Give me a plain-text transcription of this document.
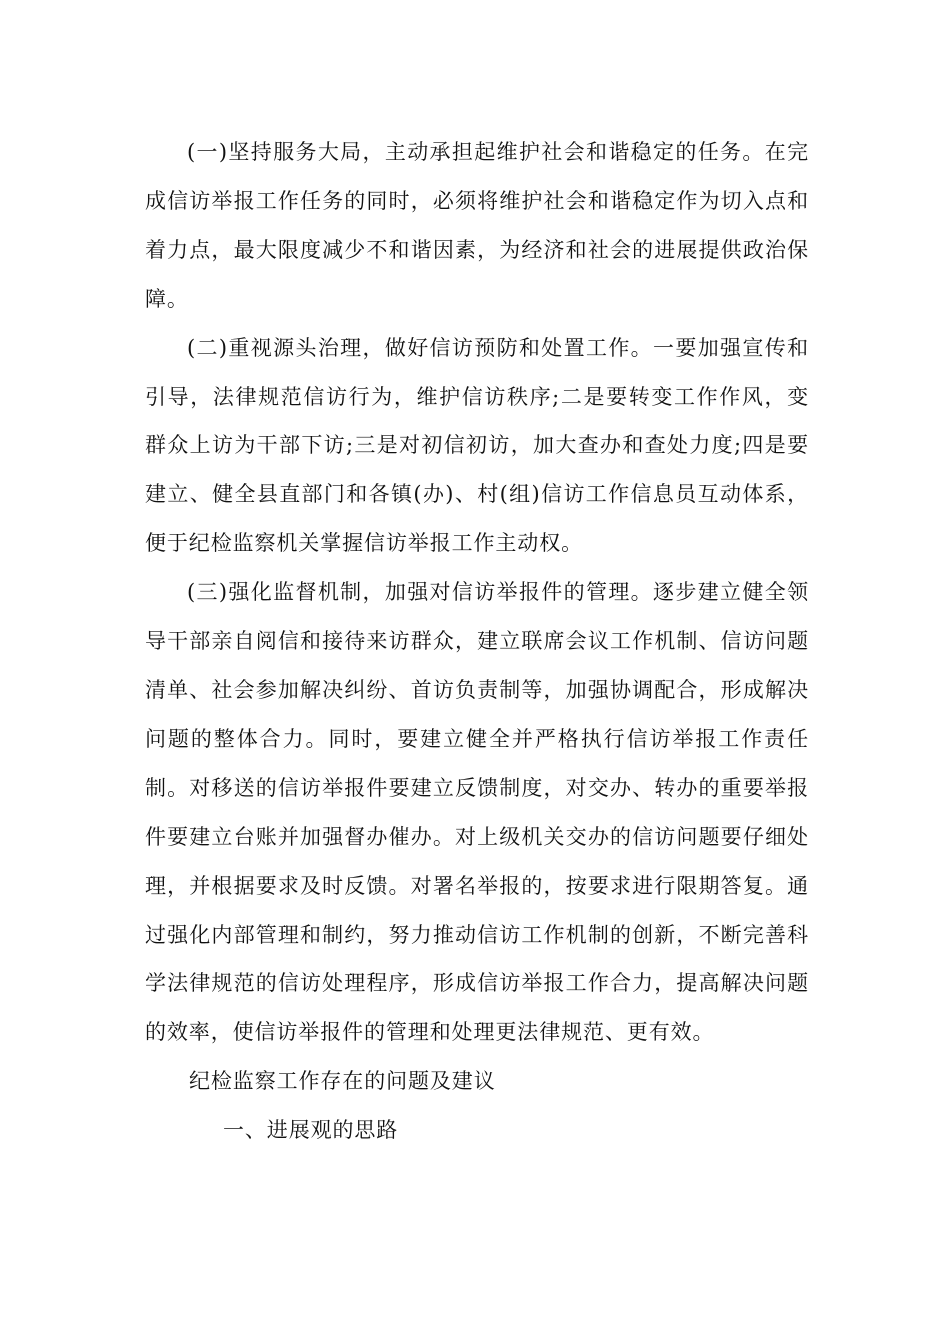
(一)坚持服务大局，主动承担起维护社会和谐稳定的任务。在完成信访举报工作任务的同时，必须将维护社会和谐稳定作为切入点和着力点，最大限度减少不和谐因素，为经济和社会的进展提供政治保障。

(二)重视源头治理，做好信访预防和处置工作。一要加强宣传和引导，法律规范信访行为，维护信访秩序;二是要转变工作作风，变群众上访为干部下访;三是对初信初访，加大查办和查处力度;四是要建立、健全县直部门和各镇(办)、村(组)信访工作信息员互动体系，便于纪检监察机关掌握信访举报工作主动权。

(三)强化监督机制，加强对信访举报件的管理。逐步建立健全领导干部亲自阅信和接待来访群众，建立联席会议工作机制、信访问题清单、社会参加解决纠纷、首访负责制等，加强协调配合，形成解决问题的整体合力。同时，要建立健全并严格执行信访举报工作责任制。对移送的信访举报件要建立反馈制度，对交办、转办的重要举报件要建立台账并加强督办催办。对上级机关交办的信访问题要仔细处理，并根据要求及时反馈。对署名举报的，按要求进行限期答复。通过强化内部管理和制约，努力推动信访工作机制的创新，不断完善科学法律规范的信访处理程序，形成信访举报工作合力，提高解决问题的效率，使信访举报件的管理和处理更法律规范、更有效。

纪检监察工作存在的问题及建议

一、进展观的思路
